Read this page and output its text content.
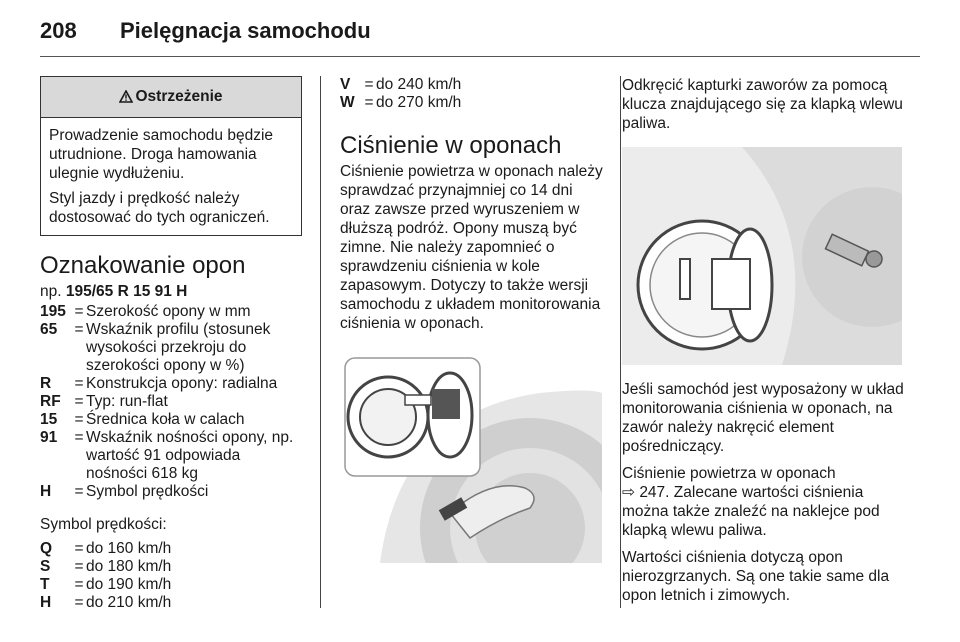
208 Pielęgnacja samochodu
Ostrzeżenie

Prowadzenie samochodu będzie utrudnione. Droga hamowania ulegnie wydłużeniu.

Styl jazdy i prędkość należy dostosować do tych ograniczeń.

Oznakowanie opon

np. 195/65 R 15 91 H

195	=	Szerokość opony w mm
65	=	Wskaźnik profilu (stosunek wysokości przekroju do szerokości opony w %)
R	=	Konstrukcja opony: radialna
RF	=	Typ: run-flat
15	=	Średnica koła w calach
91	=	Wskaźnik nośności opony, np. wartość 91 odpowiada nośności 618 kg
H	=	Symbol prędkości

Symbol prędkości:

Q	=	do 160 km/h
S	=	do 180 km/h
T	=	do 190 km/h
H	=	do 210 km/h
V	=	do 240 km/h
W	=	do 270 km/h
Ciśnienie w oponach

Ciśnienie powietrza w oponach należy sprawdzać przynajmniej co 14 dni oraz zawsze przed wyruszeniem w dłuższą podróż. Opony muszą być zimne. Nie należy zapomnieć o sprawdzeniu ciśnienia w kole zapasowym. Dotyczy to także wersji samochodu z układem monitorowania ciśnienia w oponach.

Odkręcić kapturki zaworów za pomocą klucza znajdującego się za klapką wlewu paliwa.

Jeśli samochód jest wyposażony w układ monitorowania ciśnienia w oponach, na zawór należy nakręcić element pośredniczący.

Ciśnienie powietrza w oponach
⇨ 247. Zalecane wartości ciśnienia można także znaleźć na naklejce pod klapką wlewu paliwa.

Wartości ciśnienia dotyczą opon nierozgrzanych. Są one takie same dla opon letnich i zimowych.
